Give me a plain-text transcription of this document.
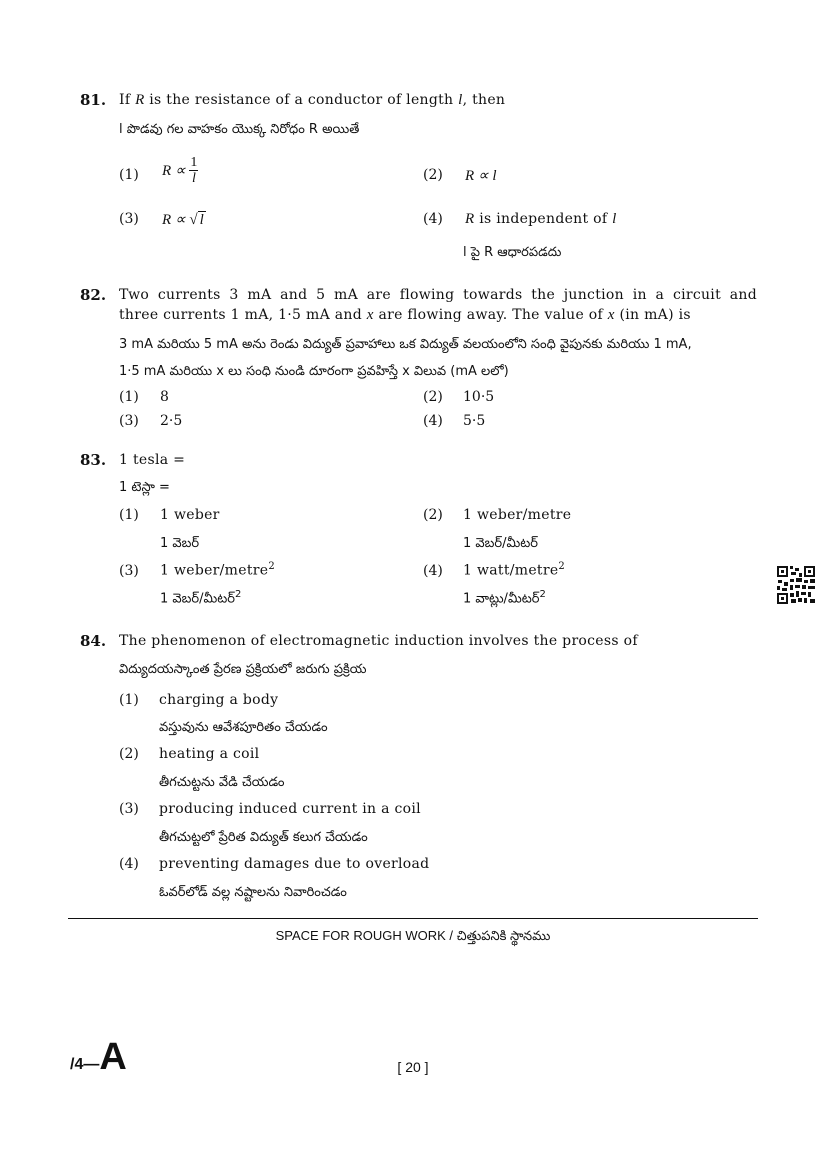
81. If R is the resistance of a conductor of length l, then
l పొడవు గల వాహకం యొక్క నిరోధం R అయితే
(1) $R \propto \frac{1}{l}$	(2) R ∝ l
(3) R ∝ √ l	(4) R is independent of l
l పై R ఆధారపడదు
82. Two currents 3 mA and 5 mA are flowing towards the junction in a circuit and
three currents 1 mA, 1·5 mA and x are flowing away. The value of x (in mA) is
3 mA మరియు 5 mA అను రెండు విద్యుత్ ప్రవాహాలు ఒక విద్యుత్ వలయంలోని సంధి వైపునకు మరియు 1 mA,
1·5 mA మరియు x లు సంధి నుండి దూరంగా ప్రవహిస్తే x విలువ (mA లలో)
(1) 8	(2) 10·5
(3) 2·5	(4) 5·5
83. 1 tesla =
1 టెస్లా =
(1) 1 weber
1 వెబర్
(2) 1 weber/metre
1 వెబర్/మీటర్
(3) 1 weber/metre$^2$
1 వెబర్/మీటర్$^2$
(4) 1 watt/metre$^2$
1 వాట్లు/మీటర్$^2$
84. The phenomenon of electromagnetic induction involves the process of
విద్యుదయస్కాంత ప్రేరణ ప్రక్రియలో జరుగు ప్రక్రియ
(1) charging a body
వస్తువును ఆవేశపూరితం చేయడం
(2) heating a coil
తీగచుట్టను వేడి చేయడం
(3) producing induced current in a coil
తీగచుట్టలో ప్రేరిత విద్యుత్ కలుగ చేయడం
(4) preventing damages due to overload
ఓవర్‌లోడ్ వల్ల నష్టాలను నివారించడం
SPACE FOR ROUGH WORK / చిత్తుపనికి స్థానము
/4—A	[ 20 ]
